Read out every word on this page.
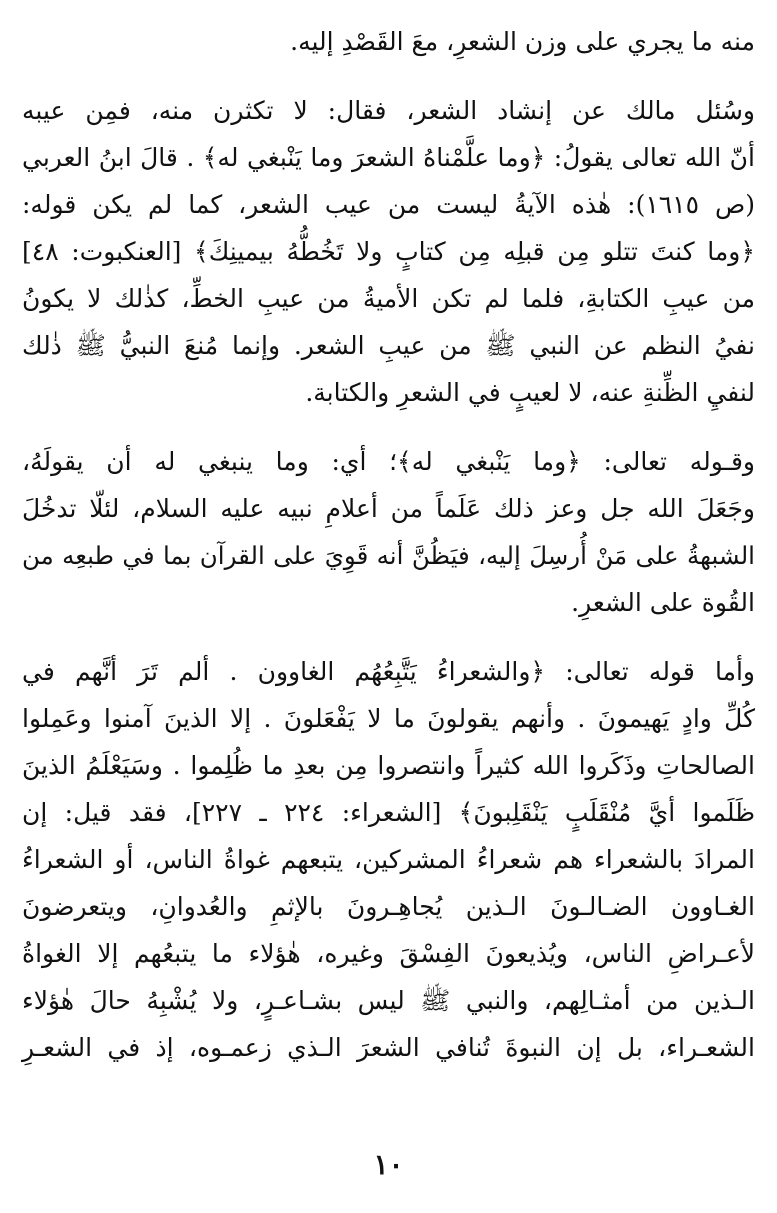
منه ما يجري على وزن الشعرِ، معَ القَصْدِ إليه.
وسُئل مالك عن إنشاد الشعر، فقال: لا تكثرن منه، فمِن عيبه
أنّ الله تعالى يقولُ: ﴿وما علَّمْناهُ الشعرَ وما يَنْبغي له﴾ . قالَ ابنُ العربي
(ص ١٦١٥): هٰذه الآيةُ ليست من عيب الشعر، كما لم يكن قوله:
﴿وما كنتَ تتلو مِن قبلِه مِن كتابٍ ولا تَخُطُّهُ بيمينِكَ﴾ [العنكبوت: ٤٨]
من عيبِ الكتابةِ، فلما لم تكن الأميةُ من عيبِ الخطِّ، كذٰلك لا يكونُ
نفيُ النظم عن النبي ﷺ من عيبِ الشعر. وإنما مُنعَ النبيُّ ﷺ ذٰلك
لنفيِ الظِّنةِ عنه، لا لعيبٍ في الشعرِ والكتابة.
وقـوله تعالى: ﴿وما يَنْبغي له﴾؛ أي: وما ينبغي له أن يقولَهُ،
وجَعَلَ الله جل وعز ذلك عَلَماً من أعلامِ نبيه عليه السلام، لئلّا تدخُلَ
الشبهةُ على مَنْ أُرسِلَ إليه، فيَظُنَّ أنه قَوِيَ على القرآن بما في طبعِه من
القُوة على الشعرِ.
وأما قوله تعالى: ﴿والشعراءُ يَتَّبِعُهُم الغاوون . ألم تَرَ أنَّهم في
كُلِّ وادٍ يَهيمونَ . وأنهم يقولونَ ما لا يَفْعَلونَ . إلا الذينَ آمنوا وعَمِلوا
الصالحاتِ وذَكَروا الله كثيراً وانتصروا مِن بعدِ ما ظُلِموا . وسَيَعْلَمُ الذينَ
ظَلَموا أيَّ مُنْقَلَبٍ يَنْقَلِبونَ﴾ [الشعراء: ٢٢٤ ـ ٢٢٧]، فقد قيل: إن
المرادَ بالشعراء هم شعراءُ المشركين، يتبعهم غواةُ الناس، أو الشعراءُ
الغـاوون الضـالـونَ الـذين يُجاهِـرونَ بالإثمِ والعُدوانِ، ويتعرضونَ
لأعـراضِ الناس، ويُذيعونَ الفِسْقَ وغيره، هٰؤلاء ما يتبعُهم إلا الغواةُ
الـذين من أمثـالِهم، والنبي ﷺ ليس بشـاعـرٍ، ولا يُشْبِهُ حالَ هٰؤلاء
الشعـراء، بل إن النبوةَ تُنافي الشعرَ الـذي زعمـوه، إذ في الشعـرِ
١٠
